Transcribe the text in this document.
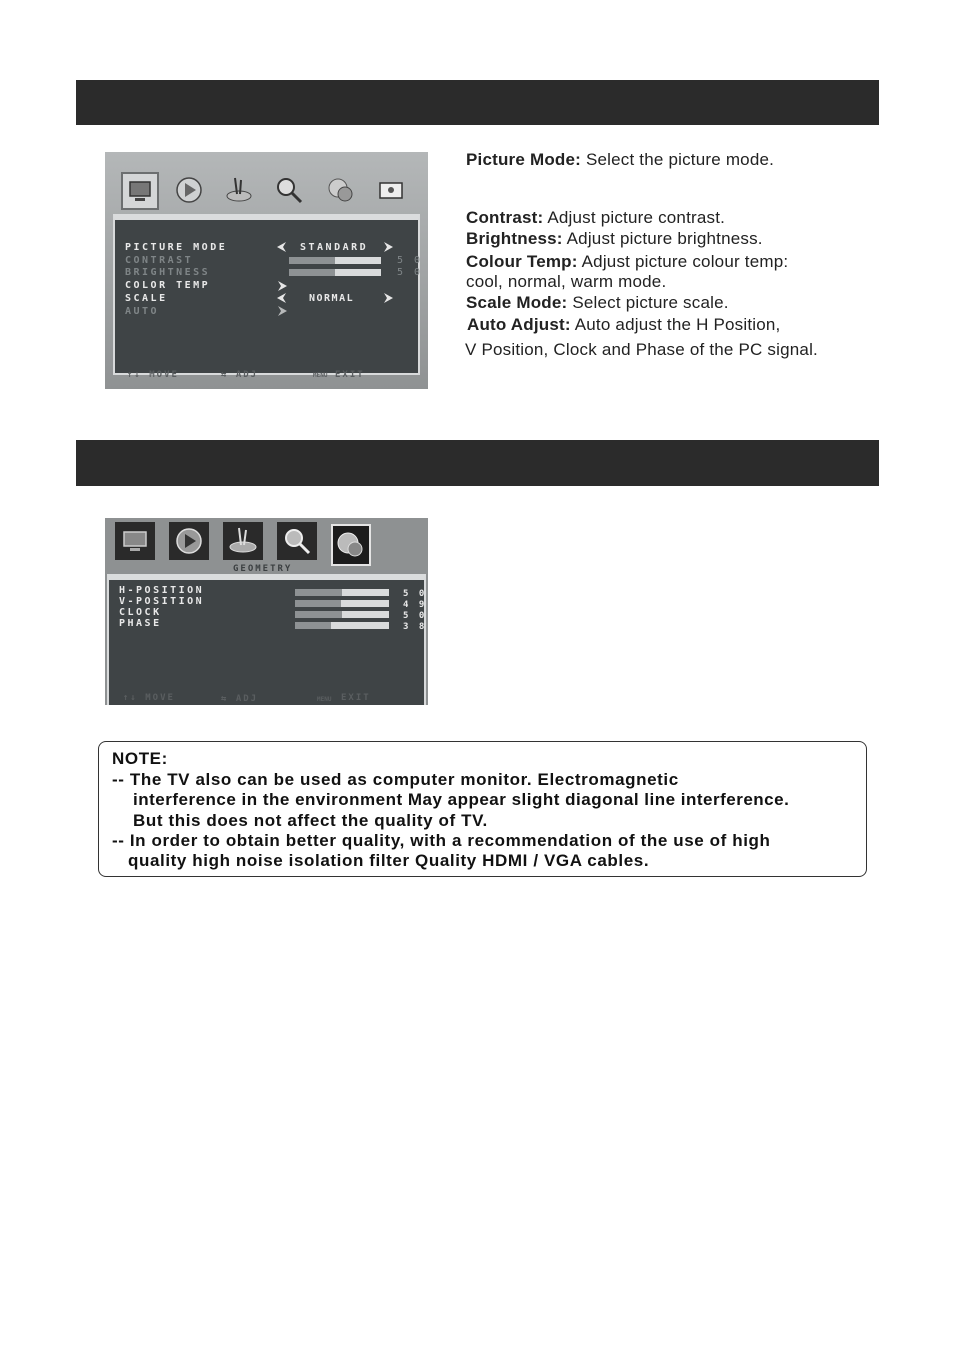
PICTURE MODE	STANDARD
CONTRAST	5 0
BRIGHTNESS	5 0
COLOR TEMP
SCALE	NORMAL
AUTO
↑↓ MOVE	⇆ ADJ	MENU EXIT
Picture Mode: Select the picture mode.
Contrast: Adjust picture contrast.
Brightness: Adjust picture brightness.
Colour Temp: Adjust picture colour temp:
cool, normal, warm mode.
Scale Mode: Select picture scale.
Auto Adjust: Auto adjust the H Position,
V Position, Clock and Phase of the PC signal.
GEOMETRY
H-POSITION	5 0
V-POSITION	4 9
CLOCK	5 0
PHASE	3 8
↑↓ MOVE	⇆ ADJ	MENU EXIT
NOTE:
-- The TV also can be used as computer monitor. Electromagnetic
interference in the environment May appear slight diagonal line interference.
But this does not affect the quality of TV.
-- In order to obtain better quality, with a recommendation of the use of high
quality high noise isolation filter Quality HDMI / VGA cables.
